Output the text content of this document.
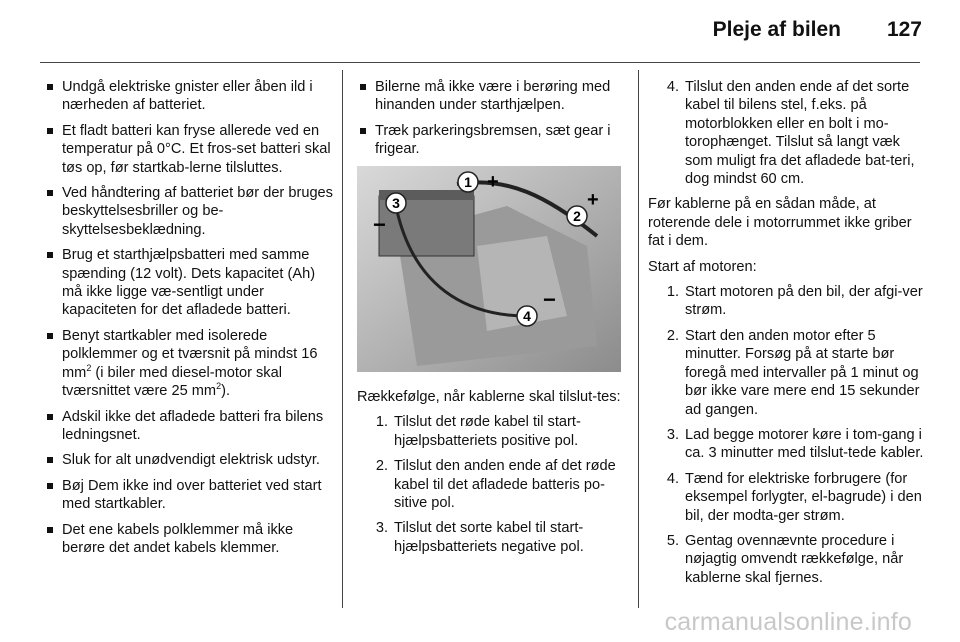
Pleje af bilen 127
Undgå elektriske gnister eller åben ild i nærheden af batteriet.
Et fladt batteri kan fryse allerede ved en temperatur på 0°C. Et fros-set batteri skal tøs op, før startkab-lerne tilsluttes.
Ved håndtering af batteriet bør der bruges beskyttelsesbriller og be-skyttelsesbeklædning.
Brug et starthjælpsbatteri med samme spænding (12 volt). Dets kapacitet (Ah) må ikke ligge væ-sentligt under kapaciteten for det afladede batteri.
Benyt startkabler med isolerede polklemmer og et tværsnit på mindst 16 $mm^2$ (i biler med diesel-motor skal tværsnittet være 25 $mm^2$).
Adskil ikke det afladede batteri fra bilens ledningsnet.
Sluk for alt unødvendigt elektrisk udstyr.
Bøj Dem ikke ind over batteriet ved start med startkabler.
Det ene kabels polklemmer må ikke berøre det andet kabels klemmer.
Bilerne må ikke være i berøring med hinanden under starthjælpen.
Træk parkeringsbremsen, sæt gear i frigear.
1 +
2
+
3
−
4
−
Rækkefølge, når kablerne skal tilslut-tes:
1. Tilslut det røde kabel til start-hjælpsbatteriets positive pol.
2. Tilslut den anden ende af det røde kabel til det afladede batteris po-sitive pol.
3. Tilslut det sorte kabel til start-hjælpsbatteriets negative pol.
4. Tilslut den anden ende af det sorte kabel til bilens stel, f.eks. på motorblokken eller en bolt i mo-torophænget. Tilslut så langt væk som muligt fra det afladede bat-teri, dog mindst 60 cm.
Før kablerne på en sådan måde, at roterende dele i motorrummet ikke griber fat i dem.
Start af motoren:
1. Start motoren på den bil, der afgi-ver strøm.
2. Start den anden motor efter 5 minutter. Forsøg på at starte bør foregå med intervaller på 1 minut og bør ikke vare mere end 15 sekunder ad gangen.
3. Lad begge motorer køre i tom-gang i ca. 3 minutter med tilslut-tede kabler.
4. Tænd for elektriske forbrugere (for eksempel forlygter, el-bagrude) i den bil, der modta-ger strøm.
5. Gentag ovennævnte procedure i nøjagtig omvendt rækkefølge, når kablerne skal fjernes.
carmanualsonline.info
